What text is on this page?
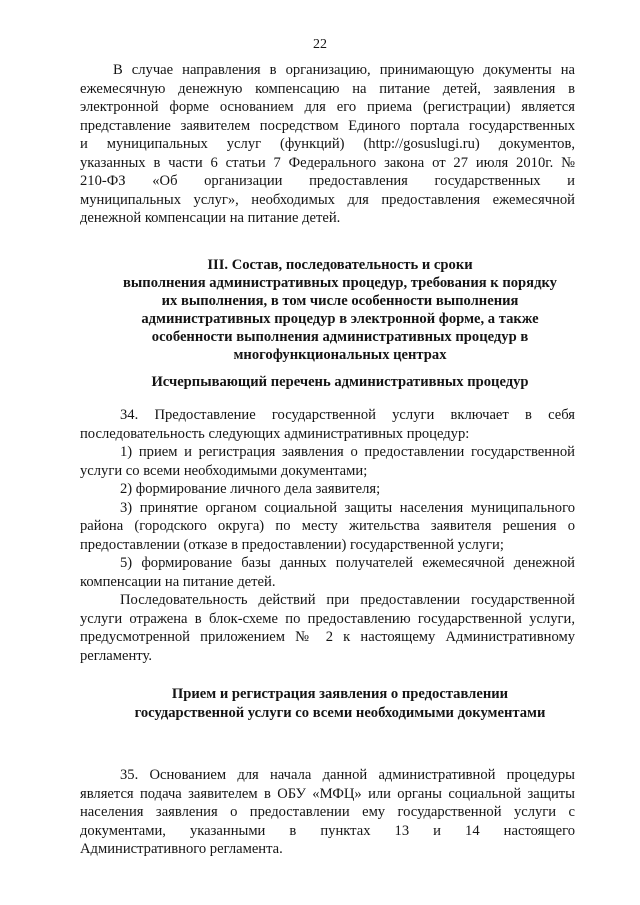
22
В случае направления в организацию, принимающую документы на
ежемесячную денежную компенсацию на питание детей, заявления в
электронной форме основанием для его приема (регистрации) является
представление заявителем посредством Единого портала государственных
и муниципальных услуг (функций) (http://gosuslugi.ru) документов,
указанных в части 6 статьи 7 Федерального закона от 27 июля 2010г. №
210-ФЗ «Об организации предоставления государственных и
муниципальных услуг», необходимых для предоставления ежемесячной
денежной компенсации на питание детей.
III. Состав, последовательность и сроки
выполнения административных процедур, требования к порядку
их выполнения, в том числе особенности выполнения
административных процедур в электронной форме, а также
особенности выполнения административных процедур в
многофункциональных центрах
Исчерпывающий перечень административных процедур
34. Предоставление государственной услуги включает в себя
последовательность следующих административных процедур:
1) прием и регистрация заявления о предоставлении государственной
услуги со всеми необходимыми документами;
2) формирование личного дела заявителя;
3) принятие органом социальной защиты населения муниципального
района (городского округа) по месту жительства заявителя решения о
предоставлении (отказе в предоставлении) государственной услуги;
5) формирование базы данных получателей ежемесячной денежной
компенсации на питание детей.
Последовательность действий при предоставлении государственной
услуги отражена в блок-схеме по предоставлению государственной услуги,
предусмотренной приложением № 2 к настоящему Административному
регламенту.
Прием и регистрация заявления о предоставлении
государственной услуги со всеми необходимыми документами
35. Основанием для начала данной административной процедуры
является подача заявителем в ОБУ «МФЦ» или органы социальной защиты
населения заявления о предоставлении ему государственной услуги с
документами, указанными в пунктах 13 и 14 настоящего
Административного регламента.
